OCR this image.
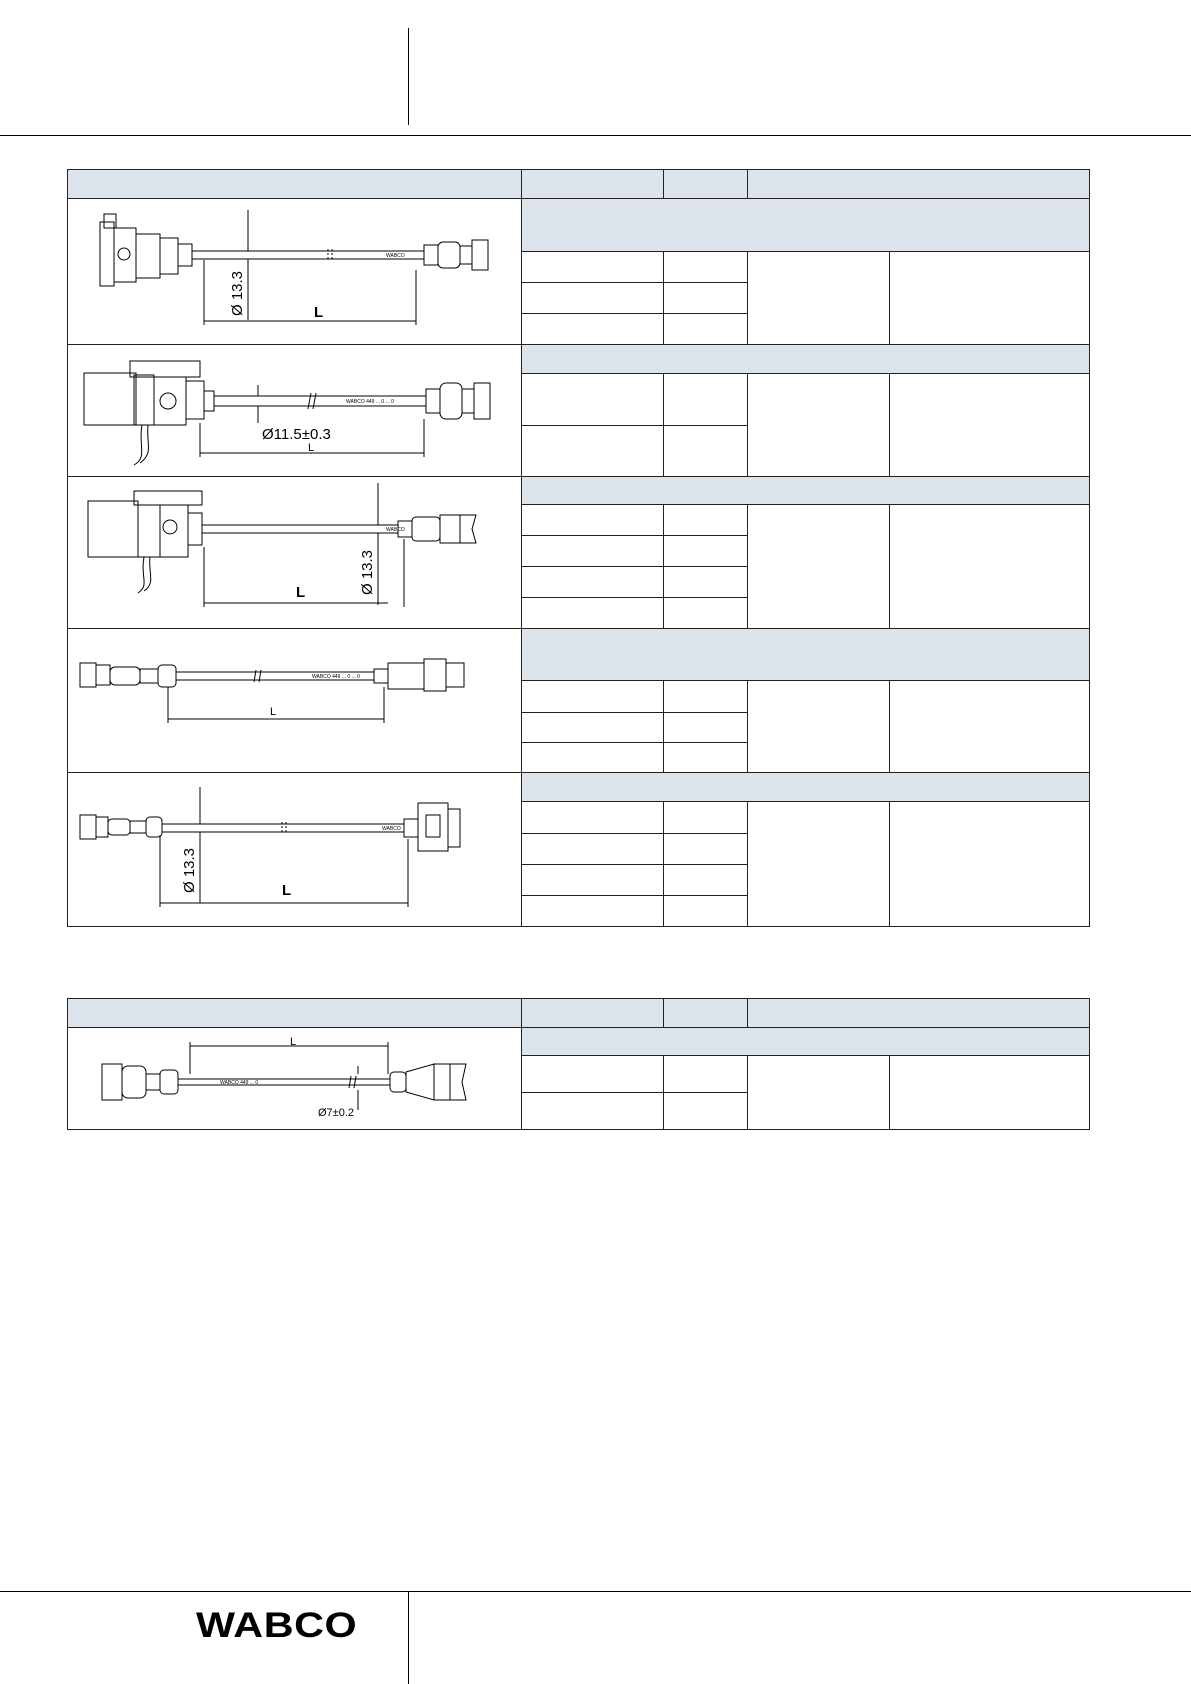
WABCO

WABCO
Ø 13.3 L				

WABCO 449 ... 0 ... 0
Ø11.5±0.3
L				

WABCO
Ø 13.3
L				

WABCO 449 ... 0 ... 0
L				

WABCO
Ø 13.3 L				

WABCO 449 ... 0
L
Ø7±0.2				
